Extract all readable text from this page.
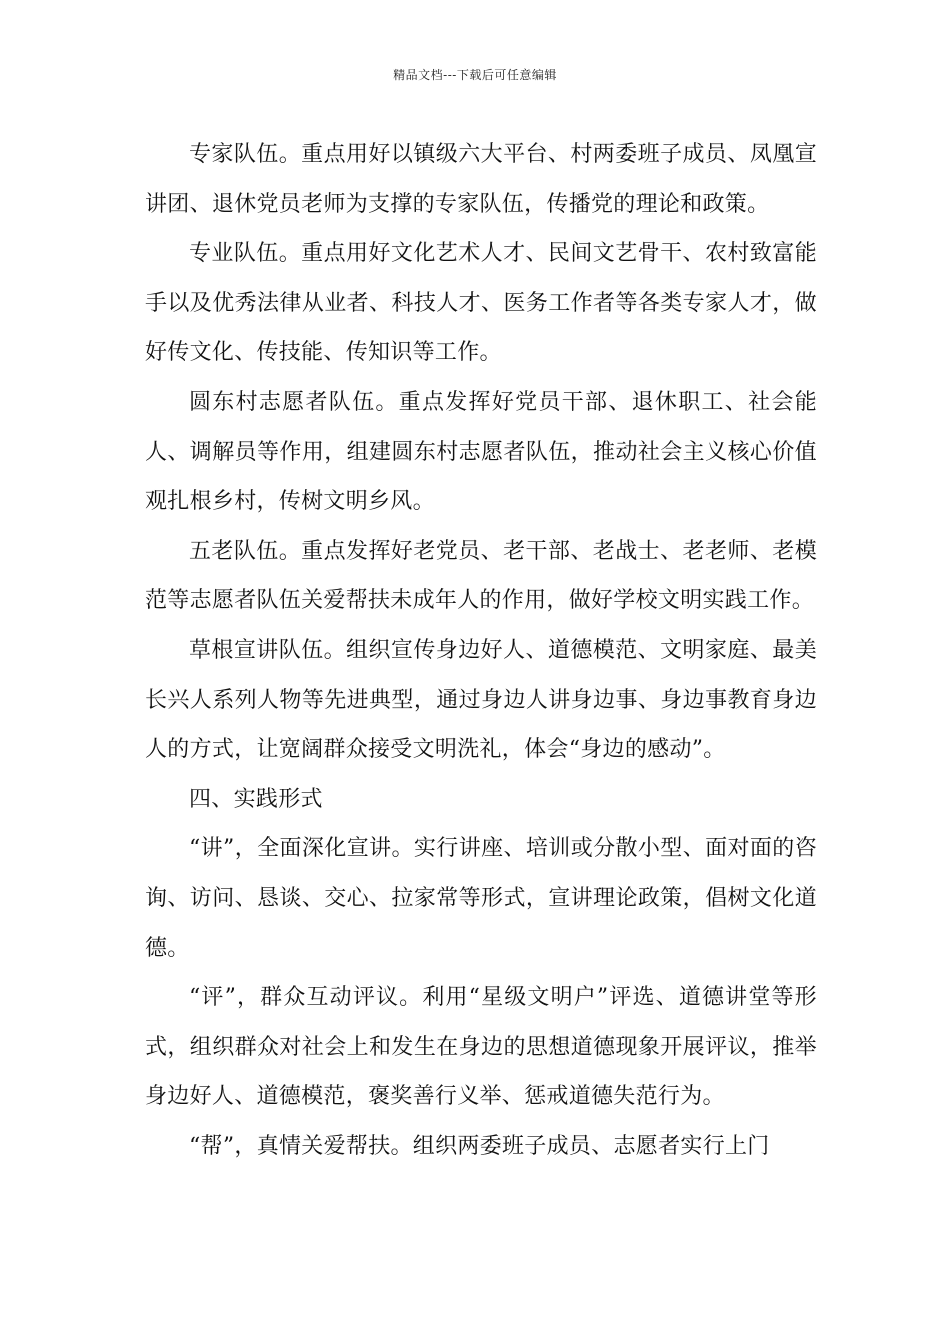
精品文档---下载后可任意编辑

专家队伍。重点用好以镇级六大平台、村两委班子成员、凤凰宣讲团、退休党员老师为支撑的专家队伍，传播党的理论和政策。

专业队伍。重点用好文化艺术人才、民间文艺骨干、农村致富能手以及优秀法律从业者、科技人才、医务工作者等各类专家人才，做好传文化、传技能、传知识等工作。

圆东村志愿者队伍。重点发挥好党员干部、退休职工、社会能人、调解员等作用，组建圆东村志愿者队伍，推动社会主义核心价值观扎根乡村，传树文明乡风。

五老队伍。重点发挥好老党员、老干部、老战士、老老师、老模范等志愿者队伍关爱帮扶未成年人的作用，做好学校文明实践工作。

草根宣讲队伍。组织宣传身边好人、道德模范、文明家庭、最美长兴人系列人物等先进典型，通过身边人讲身边事、身边事教育身边人的方式，让宽阔群众接受文明洗礼，体会“身边的感动”。

四、实践形式

“讲”，全面深化宣讲。实行讲座、培训或分散小型、面对面的咨询、访问、恳谈、交心、拉家常等形式，宣讲理论政策，倡树文化道德。

“评”，群众互动评议。利用“星级文明户”评选、道德讲堂等形式，组织群众对社会上和发生在身边的思想道德现象开展评议，推举身边好人、道德模范，褒奖善行义举、惩戒道德失范行为。

“帮”，真情关爱帮扶。组织两委班子成员、志愿者实行上门
